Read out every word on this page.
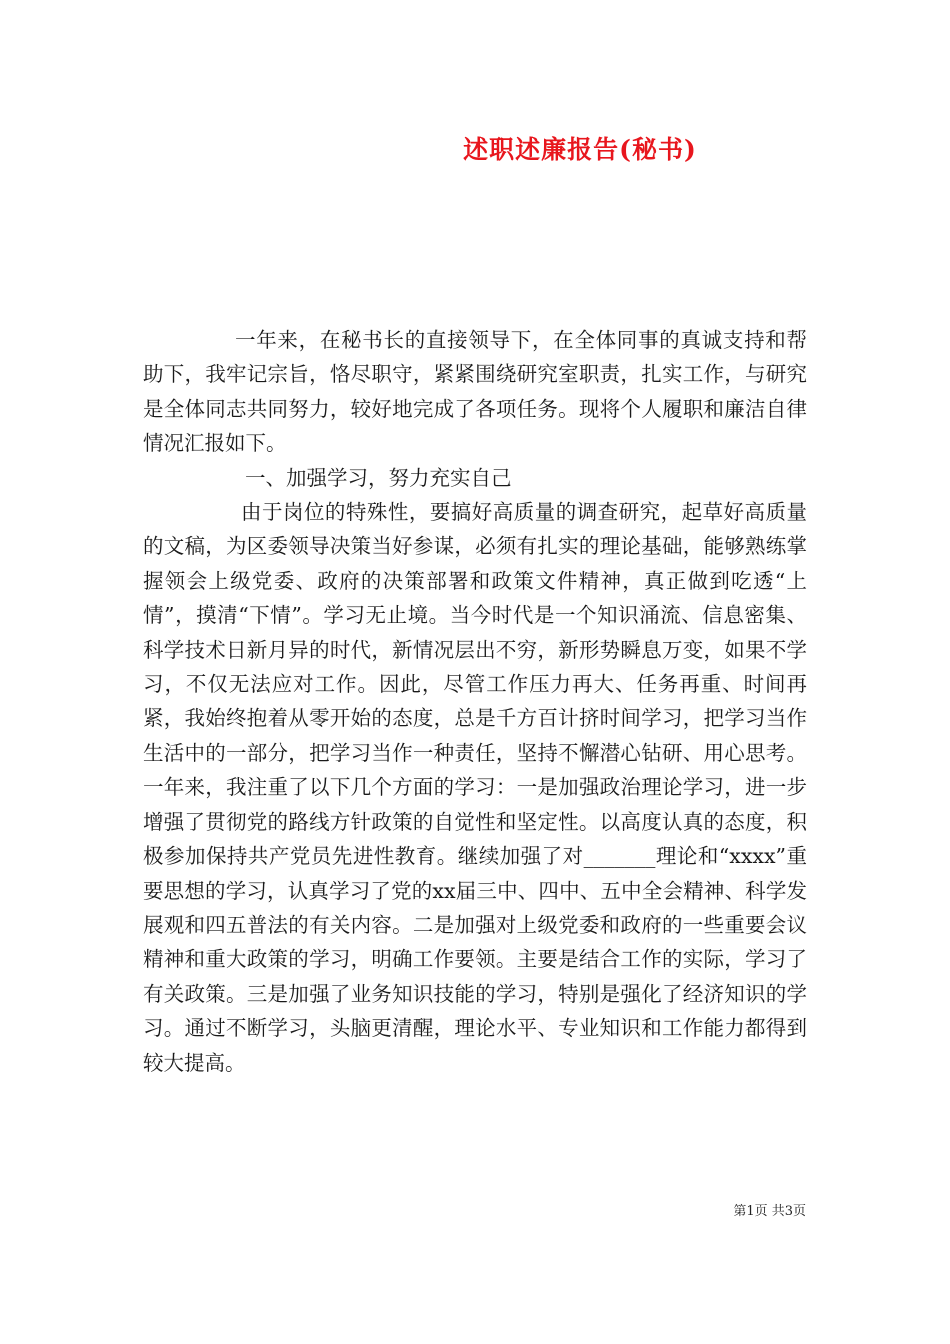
述职述廉报告(秘书)

一年来，在秘书长的直接领导下，在全体同事的真诚支持和帮助下，我牢记宗旨，恪尽职守，紧紧围绕研究室职责，扎实工作，与研究是全体同志共同努力，较好地完成了各项任务。现将个人履职和廉洁自律情况汇报如下。

一、加强学习，努力充实自己

由于岗位的特殊性，要搞好高质量的调查研究，起草好高质量的文稿，为区委领导决策当好参谋，必须有扎实的理论基础，能够熟练掌握领会上级党委、政府的决策部署和政策文件精神，真正做到吃透“上情”，摸清“下情”。学习无止境。当今时代是一个知识涌流、信息密集、科学技术日新月异的时代，新情况层出不穷，新形势瞬息万变，如果不学习，不仅无法应对工作。因此，尽管工作压力再大、任务再重、时间再紧，我始终抱着从零开始的态度，总是千方百计挤时间学习，把学习当作生活中的一部分，把学习当作一种责任，坚持不懈潜心钻研、用心思考。一年来，我注重了以下几个方面的学习：一是加强政治理论学习，进一步增强了贯彻党的路线方针政策的自觉性和坚定性。以高度认真的态度，积极参加保持共产党员先进性教育。继续加强了对_______理论和“xxxx”重要思想的学习，认真学习了党的xx届三中、四中、五中全会精神、科学发展观和四五普法的有关内容。二是加强对上级党委和政府的一些重要会议精神和重大政策的学习，明确工作要领。主要是结合工作的实际，学习了有关政策。三是加强了业务知识技能的学习，特别是强化了经济知识的学习。通过不断学习，头脑更清醒，理论水平、专业知识和工作能力都得到较大提高。

第1页 共3页
